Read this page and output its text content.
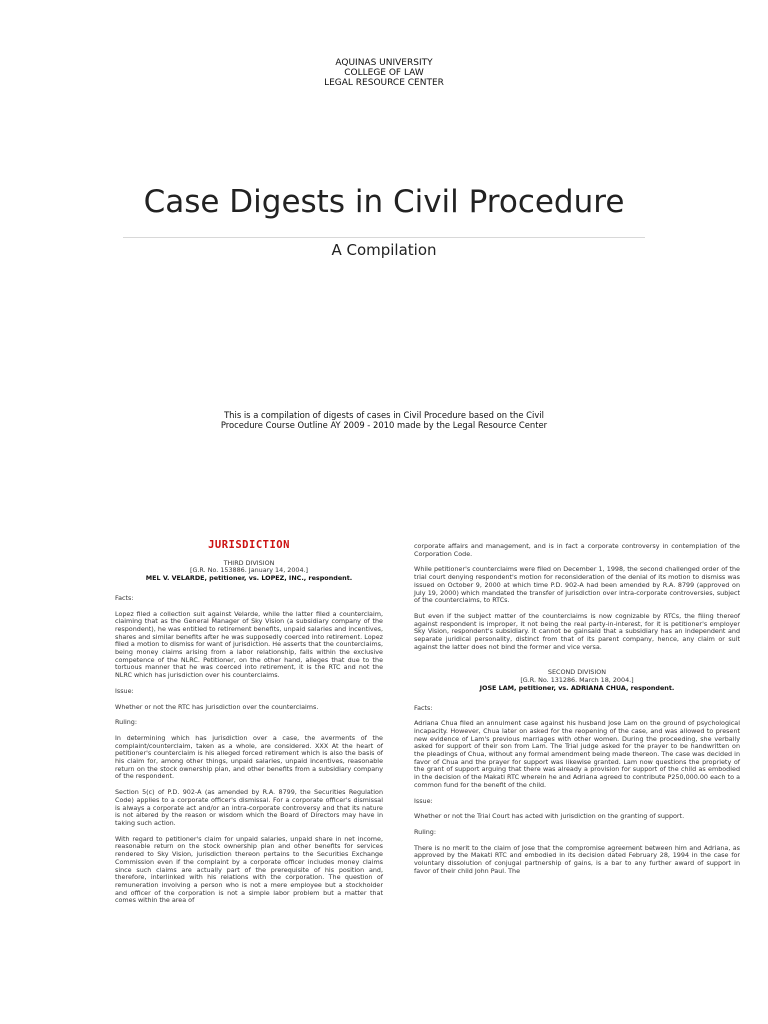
AQUINAS UNIVERSITY
COLLEGE OF LAW
LEGAL RESOURCE CENTER
Case Digests in Civil Procedure
A Compilation
This is a compilation of digests of cases in Civil Procedure based on the Civil Procedure Course Outline AY 2009 - 2010 made by the Legal Resource Center
JURISDICTION
THIRD DIVISION
[G.R. No. 153886. January 14, 2004.]
MEL V. VELARDE, petitioner, vs. LOPEZ, INC., respondent.

Facts:

Lopez filed a collection suit against Velarde, while the latter filed a counterclaim, claiming that as the General Manager of Sky Vision (a subsidiary company of the respondent), he was entitled to retirement benefits, unpaid salaries and incentives, shares and similar benefits after he was supposedly coerced into retirement. Lopez filed a motion to dismiss for want of jurisdiction. He asserts that the counterclaims, being money claims arising from a labor relationship, falls within the exclusive competence of the NLRC. Petitioner, on the other hand, alleges that due to the tortuous manner that he was coerced into retirement, it is the RTC and not the NLRC which has jurisdiction over his counterclaims.

Issue:

Whether or not the RTC has jurisdiction over the counterclaims.

Ruling:

In determining which has jurisdiction over a case, the averments of the complaint/counterclaim, taken as a whole, are considered. XXX At the heart of petitioner's counterclaim is his alleged forced retirement which is also the basis of his claim for, among other things, unpaid salaries, unpaid incentives, reasonable return on the stock ownership plan, and other benefits from a subsidiary company of the respondent.

Section 5(c) of P.D. 902-A (as amended by R.A. 8799, the Securities Regulation Code) applies to a corporate officer's dismissal. For a corporate officer's dismissal is always a corporate act and/or an intra-corporate controversy and that its nature is not altered by the reason or wisdom which the Board of Directors may have in taking such action.

With regard to petitioner's claim for unpaid salaries, unpaid share in net income, reasonable return on the stock ownership plan and other benefits for services rendered to Sky Vision, jurisdiction thereon pertains to the Securities Exchange Commission even if the complaint by a corporate officer includes money claims since such claims are actually part of the prerequisite of his position and, therefore, interlinked with his relations with the corporation. The question of remuneration involving a person who is not a mere employee but a stockholder and officer of the corporation is not a simple labor problem but a matter that comes within the area of

corporate affairs and management, and is in fact a corporate controversy in contemplation of the Corporation Code.

While petitioner's counterclaims were filed on December 1, 1998, the second challenged order of the trial court denying respondent's motion for reconsideration of the denial of its motion to dismiss was issued on October 9, 2000 at which time P.D. 902-A had been amended by R.A. 8799 (approved on July 19, 2000) which mandated the transfer of jurisdiction over intra-corporate controversies, subject of the counterclaims, to RTCs.

But even if the subject matter of the counterclaims is now cognizable by RTCs, the filing thereof against respondent is improper, it not being the real party-in-interest, for it is petitioner's employer Sky Vision, respondent's subsidiary. It cannot be gainsaid that a subsidiary has an independent and separate juridical personality, distinct from that of its parent company, hence, any claim or suit against the latter does not bind the former and vice versa.

SECOND DIVISION
[G.R. No. 131286. March 18, 2004.]
JOSE LAM, petitioner, vs. ADRIANA CHUA, respondent.

Facts:

Adriana Chua filed an annulment case against his husband Jose Lam on the ground of psychological incapacity. However, Chua later on asked for the reopening of the case, and was allowed to present new evidence of Lam's previous marriages with other women. During the proceeding, she verbally asked for support of their son from Lam. The Trial judge asked for the prayer to be handwritten on the pleadings of Chua, without any formal amendment being made thereon. The case was decided in favor of Chua and the prayer for support was likewise granted. Lam now questions the propriety of the grant of support arguing that there was already a provision for support of the child as embodied in the decision of the Makati RTC wherein he and Adriana agreed to contribute P250,000.00 each to a common fund for the benefit of the child.

Issue:

Whether or not the Trial Court has acted with jurisdiction on the granting of support.

Ruling:

There is no merit to the claim of Jose that the compromise agreement between him and Adriana, as approved by the Makati RTC and embodied in its decision dated February 28, 1994 in the case for voluntary dissolution of conjugal partnership of gains, is a bar to any further award of support in favor of their child John Paul. The
